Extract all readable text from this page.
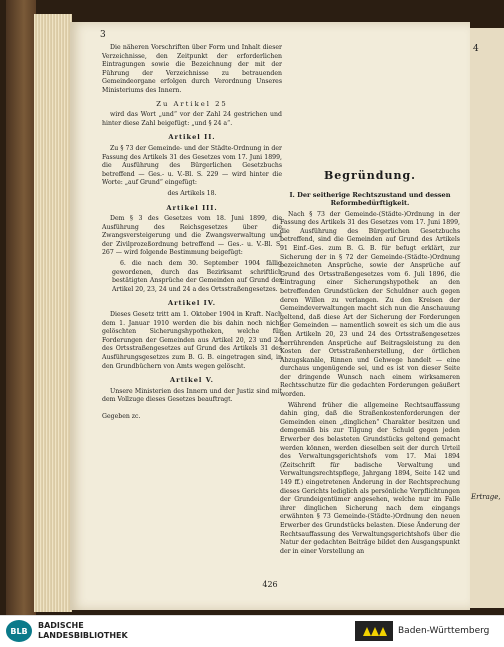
4
Ertrage,
3

Die näheren Vorschriften über Form und Inhalt dieser Verzeichnisse, den Zeitpunkt der erforderlichen Eintragungen sowie die Bezeichnung der mit der Führung der Verzeichnisse zu betrauenden Gemeindeorgane erfolgen durch Verordnung Unseres Ministeriums des Innern.

Zu Artikel 25

wird das Wort „und“ vor der Zahl 24 gestrichen und hinter diese Zahl beigefügt: „und § 24 a“.

Artikel II.

Zu § 73 der Gemeinde- und der Städte-Ordnung in der Fassung des Artikels 31 des Gesetzes vom 17. Juni 1899, die Ausführung des Bürgerlichen Gesetzbuchs betreffend — Ges.- u. V.-Bl. S. 229 — wird hinter die Worte: „auf Grund“ eingefügt:

des Artikels 18.
Artikel III.

Dem § 3 des Gesetzes vom 18. Juni 1899, die Ausführung des Reichsgesetzes über die Zwangsversteigerung und die Zwangsverwaltung und der Zivilprozeßordnung betreffend — Ges.- u. V.-Bl. S. 267 — wird folgende Bestimmung beigefügt:

6. die nach dem 30. September 1904 fällig gewordenen, durch das Bezirksamt schriftlich bestätigten Ansprüche der Gemeinden auf Grund der Artikel 20, 23, 24 und 24 a des Ortsstraßengesetzes.

Artikel IV.

Dieses Gesetz tritt am 1. Oktober 1904 in Kraft. Nach dem 1. Januar 1910 werden die bis dahin noch nicht gelöschten Sicherungshypotheken, welche für Forderungen der Gemeinden aus Artikel 20, 23 und 24 des Ortsstraßengesetzes auf Grund des Artikels 31 des Ausführungsgesetzes zum B. G. B. eingetragen sind, in den Grundbüchern von Amts wegen gelöscht.

Artikel V.

Unsere Ministerien des Innern und der Justiz sind mit dem Vollzuge dieses Gesetzes beauftragt.

Gegeben zc.

Begründung.
I. Der seitherige Rechtszustand und dessen Reformbedürftigkeit.

Nach § 73 der Gemeinde-(Städte-)Ordnung in der Fassung des Artikels 31 des Gesetzes vom 17. Juni 1899, die Ausführung des Bürgerlichen Gesetzbuchs betreffend, sind die Gemeinden auf Grund des Artikels 91 Einf.-Ges. zum B. G. B. für befugt erklärt, zur Sicherung der in § 72 der Gemeinde-(Städte-)Ordnung bezeichneten Ansprüche, sowie der Ansprüche auf Grund des Ortsstraßengesetzes vom 6. Juli 1896, die Eintragung einer Sicherungshypothek an den betreffenden Grundstücken der Schuldner auch gegen deren Willen zu verlangen. Zu den Kreisen der Gemeindeverwaltungen macht sich nun die Anschauung geltend, daß diese Art der Sicherung der Forderungen der Gemeinden — namentlich soweit es sich um die aus den Artikeln 20, 23 und 24 des Ortsstraßengesetzes herrührenden Ansprüche auf Beitragsleistung zu den Kosten der Ortsstraßenherstellung, der örtlichen Abzugskanäle, Rinnen und Gehwege handelt — eine durchaus ungenügende sei, und es ist von dieser Seite der dringende Wunsch nach einem wirksameren Rechtsschutze für die gedachten Forderungen geäußert worden.

Während früher die allgemeine Rechtsauffassung dahin ging, daß die Straßenkostenforderungen der Gemeinden einen „dinglichen“ Charakter besitzen und demgemäß bis zur Tilgung der Schuld gegen jeden Erwerber des belasteten Grundstücks geltend gemacht werden können, werden dieselben seit der durch Urteil des Verwaltungsgerichtshofs vom 17. Mai 1894 (Zeitschrift für badische Verwaltung und Verwaltungsrechtspflege, Jahrgang 1894, Seite 142 und 149 ff.) eingetretenen Änderung in der Rechtsprechung dieses Gerichts lediglich als persönliche Verpflichtungen der Grundeigentümer angesehen, welche nur im Falle ihrer dinglichen Sicherung nach dem eingangs erwähnten § 73 Gemeinde-(Städte-)Ordnung den neuen Erwerber des Grundstücks belasten. Diese Änderung der Rechtsauffassung des Verwaltungsgerichtshofs über die Natur der gedachten Beiträge bildet den Ausgangspunkt der in einer Vorstellung an

426
BLB
BADISCHE
LANDESBIBLIOTHEK	Baden-Württemberg
